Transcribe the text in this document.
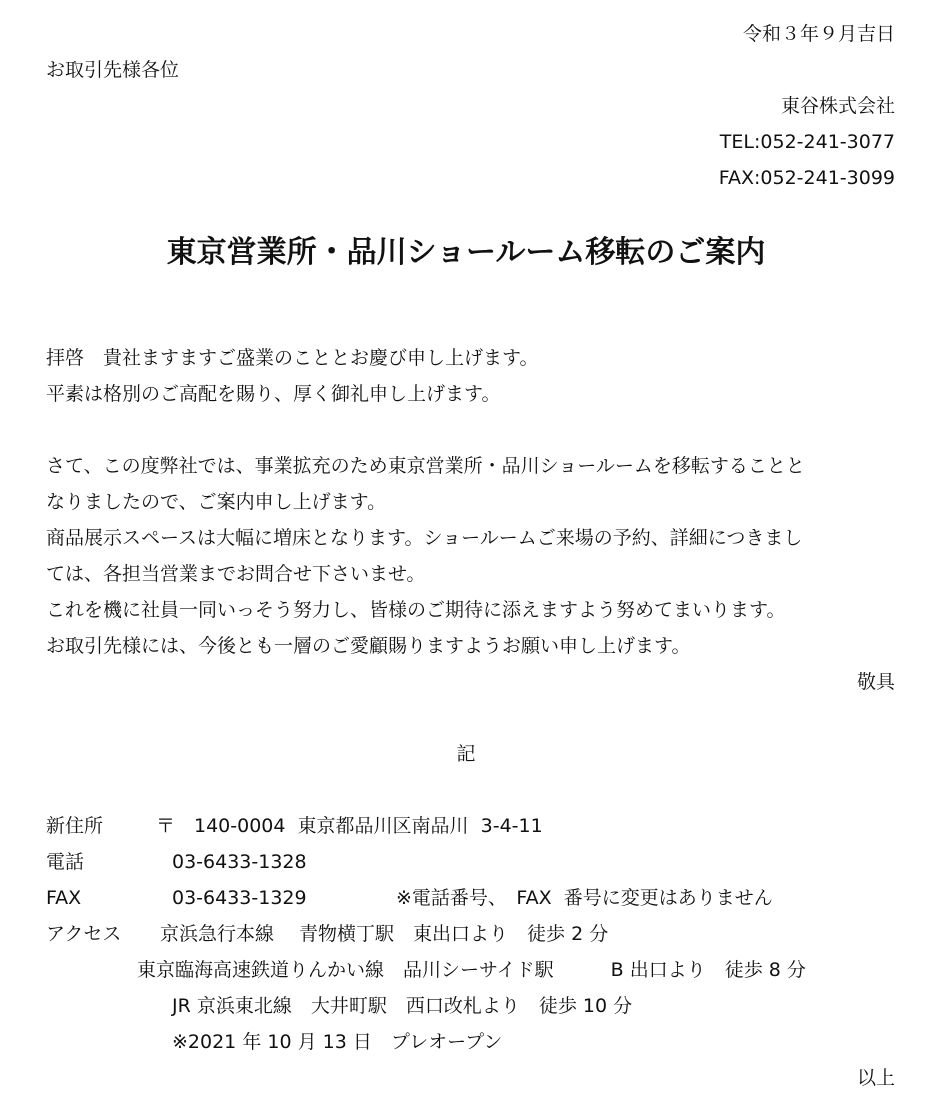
令和３年９月吉日
お取引先様各位
東谷株式会社
TEL:052-241-3077
FAX:052-241-3099
東京営業所・品川ショールーム移転のご案内
拝啓　貴社ますますご盛業のこととお慶び申し上げます。
平素は格別のご高配を賜り、厚く御礼申し上げます。
さて、この度弊社では、事業拡充のため東京営業所・品川ショールームを移転することと
なりましたので、ご案内申し上げます。
商品展示スペースは大幅に増床となります。ショールームご来場の予約、詳細につきまし
ては、各担当営業までお問合せ下さいませ。
これを機に社員一同いっそう努力し、皆様のご期待に添えますよう努めてまいります。
お取引先様には、今後とも一層のご愛顧賜りますようお願い申し上げます。
敬具
記
新住所	〒　140-0004  東京都品川区南品川  3-4-11
電話	03-6433-1328
FAX	03-6433-1329	※電話番号、　FAX  番号に変更はありません
アクセス 京浜急行本線　 青物横丁駅　東出口より　徒歩 2 分
東京臨海高速鉄道りんかい線　品川シーサイド駅　　　B 出口より　徒歩 8 分
JR 京浜東北線　大井町駅　西口改札より　徒歩 10 分
※2021 年 10 月 13 日　プレオープン
以上
